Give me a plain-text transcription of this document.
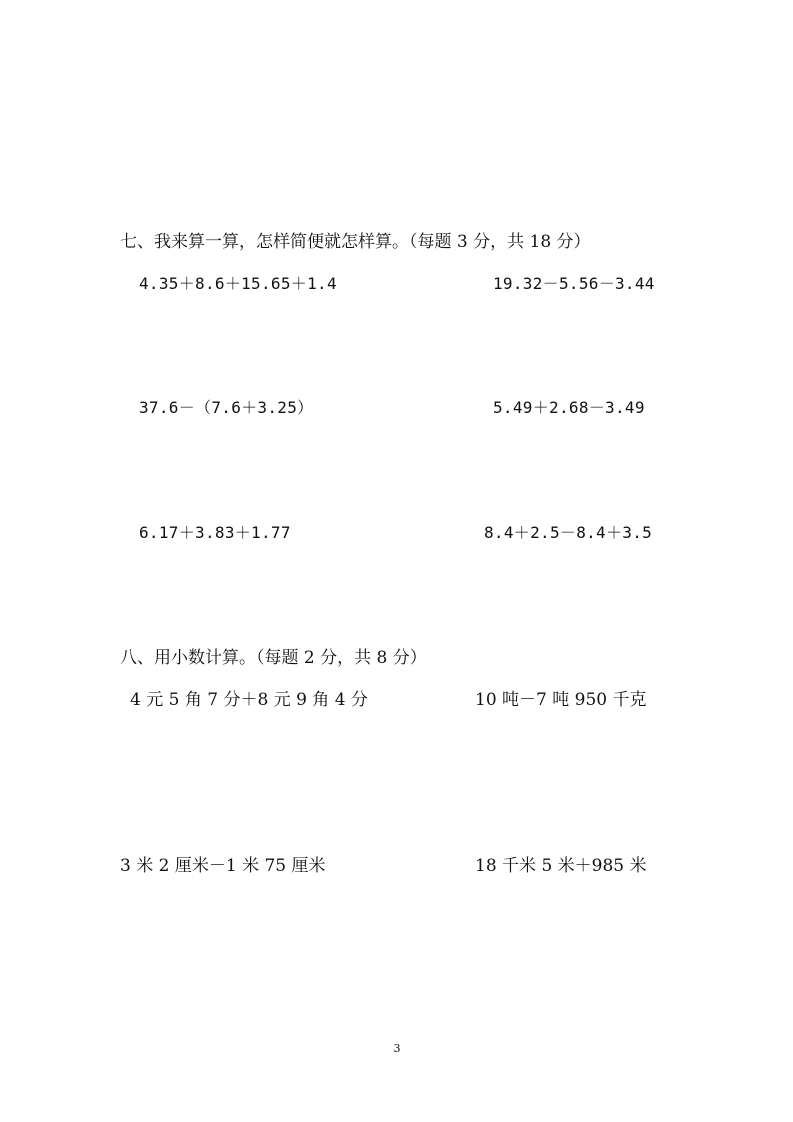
七、我来算一算，怎样简便就怎样算。（每题 3 分，共 18 分）
4.35＋8.6＋15.65＋1.4	19.32－5.56－3.44
37.6－（7.6＋3.25）	5.49＋2.68－3.49
6.17＋3.83＋1.77	8.4＋2.5－8.4＋3.5
八、用小数计算。（每题 2 分，共 8 分）
4 元 5 角 7 分＋8 元 9 角 4 分	10 吨－7 吨 950 千克
3 米 2 厘米－1 米 75 厘米	18 千米 5 米＋985 米
3
